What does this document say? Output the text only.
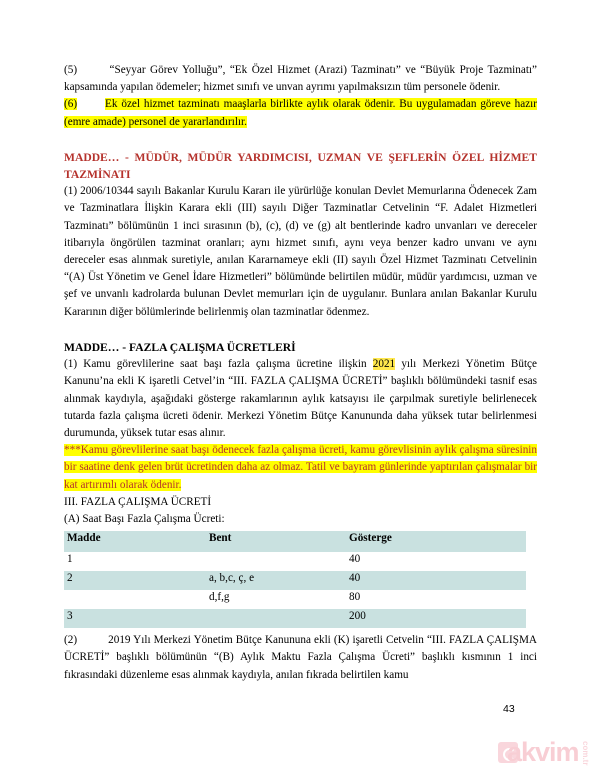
(5)	“Seyyar Görev Yolluğu”, “Ek Özel Hizmet (Arazi) Tazminatı” ve “Büyük Proje Tazminatı” kapsamında yapılan ödemeler; hizmet sınıfı ve unvan ayrımı yapılmaksızın tüm personele ödenir.

(6)	Ek özel hizmet tazminatı maaşlarla birlikte aylık olarak ödenir. Bu uygulamadan göreve hazır (emre amade) personel de yararlandırılır.

MADDE… - MÜDÜR, MÜDÜR YARDIMCISI, UZMAN VE ŞEFLERİN ÖZEL HİZMET TAZMİNATI

(1) 2006/10344 sayılı Bakanlar Kurulu Kararı ile yürürlüğe konulan Devlet Memurlarına Ödenecek Zam ve Tazminatlara İlişkin Karara ekli (III) sayılı Diğer Tazminatlar Cetvelinin “F. Adalet Hizmetleri Tazminatı” bölümünün 1 inci sırasının (b), (c), (d) ve (g) alt bentlerinde kadro unvanları ve dereceler itibarıyla öngörülen tazminat oranları; aynı hizmet sınıfı, aynı veya benzer kadro unvanı ve aynı dereceler esas alınmak suretiyle, anılan Kararnameye ekli (II) sayılı Özel Hizmet Tazminatı Cetvelinin “(A) Üst Yönetim ve Genel İdare Hizmetleri” bölümünde belirtilen müdür, müdür yardımcısı, uzman ve şef ve unvanlı kadrolarda bulunan Devlet memurları için de uygulanır. Bunlara anılan Bakanlar Kurulu Kararının diğer bölümlerinde belirlenmiş olan tazminatlar ödenmez.

MADDE… - FAZLA ÇALIŞMA ÜCRETLERİ

(1) Kamu görevlilerine saat başı fazla çalışma ücretine ilişkin 2021 yılı Merkezi Yönetim Bütçe Kanunu’na ekli K işaretli Cetvel’in “III. FAZLA ÇALIŞMA ÜCRETİ” başlıklı bölümündeki tasnif esas alınmak kaydıyla, aşağıdaki gösterge rakamlarının aylık katsayısı ile çarpılmak suretiyle belirlenecek tutarda fazla çalışma ücreti ödenir. Merkezi Yönetim Bütçe Kanununda daha yüksek tutar belirlenmesi durumunda, yüksek tutar esas alınır.

***Kamu görevlilerine saat başı ödenecek fazla çalışma ücreti, kamu görevlisinin aylık çalışma süresinin bir saatine denk gelen brüt ücretinden daha az olmaz. Tatil ve bayram günlerinde yaptırılan çalışmalar bir kat artırımlı olarak ödenir.

III. FAZLA ÇALIŞMA ÜCRETİ

(A) Saat Başı Fazla Çalışma Ücreti:

Madde	Bent	Gösterge
1		40
2	a, b,c, ç, e	40
	d,f,g	80
3		200

(2)	2019 Yılı Merkezi Yönetim Bütçe Kanununa ekli (K) işaretli Cetvelin “III. FAZLA ÇALIŞMA ÜCRETİ” başlıklı bölümünün “(B) Aylık Maktu Fazla Çalışma Ücreti” başlıklı kısmının 1 inci fıkrasındaki düzenleme esas alınmak kaydıyla, anılan fıkrada belirtilen kamu

43
akvim com.tr
